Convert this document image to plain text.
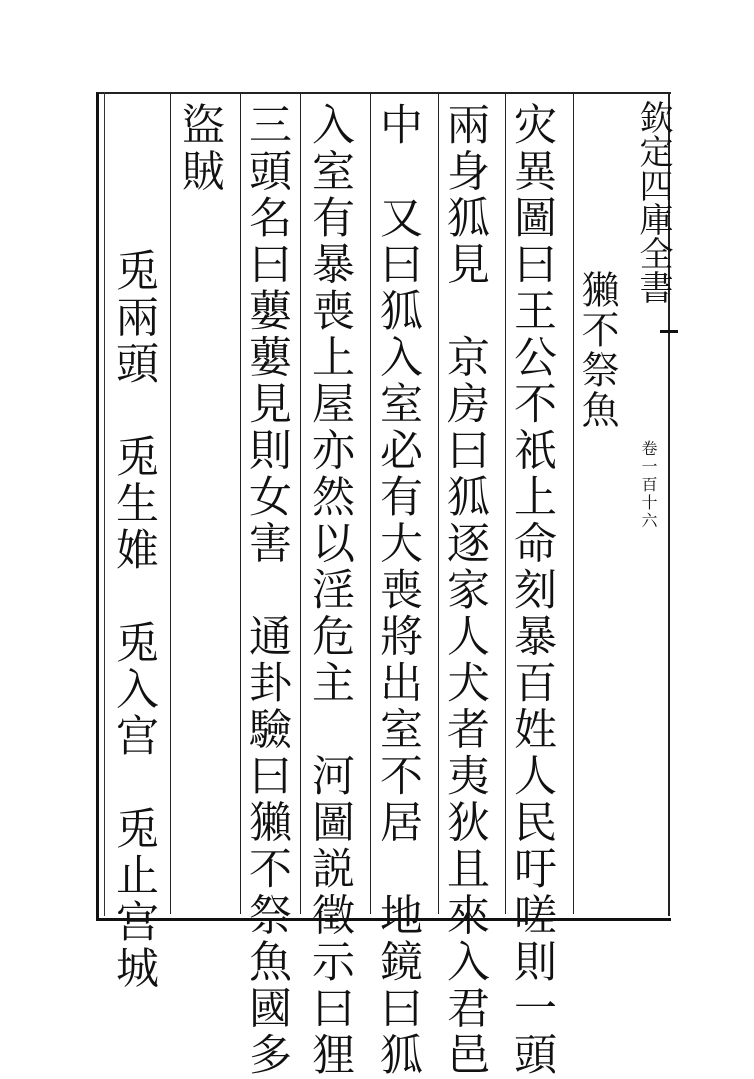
欽定四庫全書
卷一百十六
獺不祭魚
灾異圖曰王公不祇上命刻暴百姓人民吁嗟則一頭
兩身狐見　京房曰狐逐家人犬者夷狄且來入君邑
中　又曰狐入室必有大喪將出室不居　地鏡曰狐
入室有暴喪上屋亦然以淫危主　河圖説徵示曰狸
三頭名曰蘡蘡見則女害　通卦驗曰獺不祭魚國多
盜賊
兎兩頭　兎生婎　兎入宫　兎止宫城
